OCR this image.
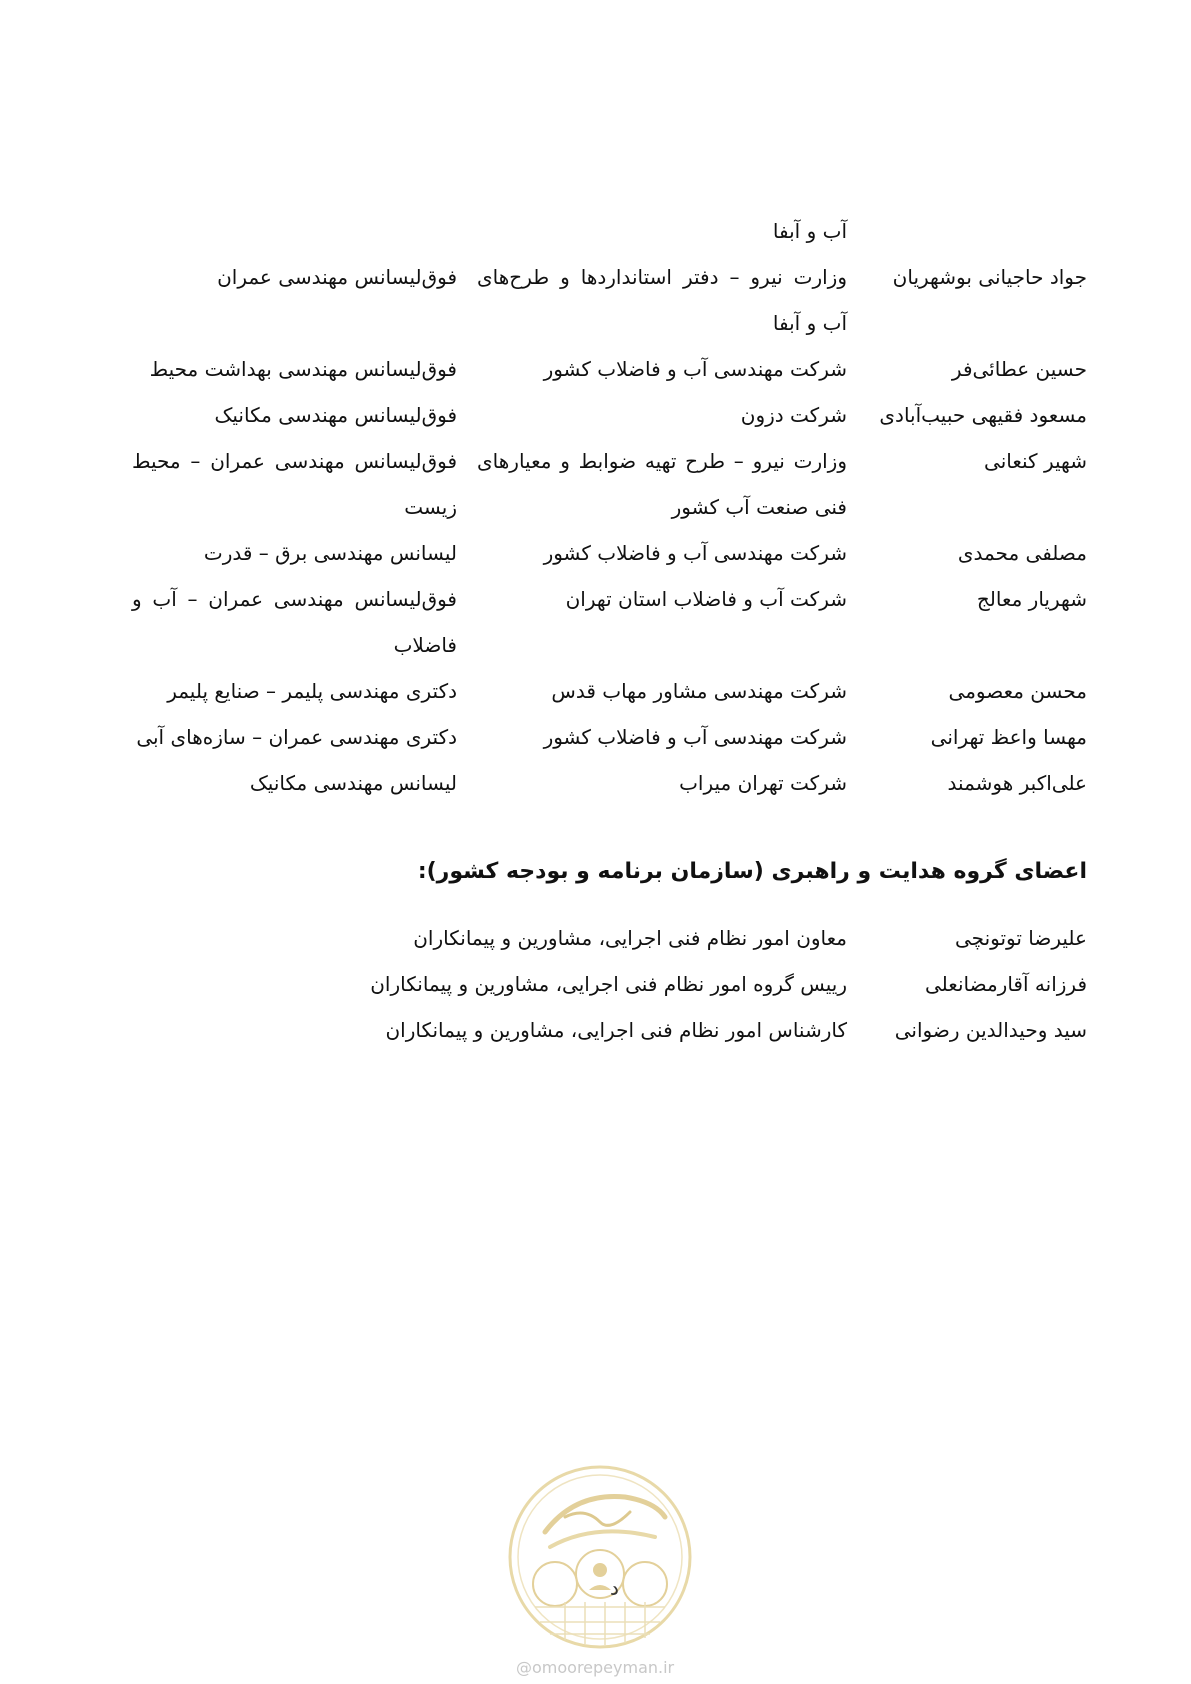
آب و آبفا
جواد حاجیانی بوشهریان
وزارت نیرو – دفتر استانداردها و طرح‌های آب و آبفا
فوق‌لیسانس مهندسی عمران
حسین عطائی‌فر
شرکت مهندسی آب و فاضلاب کشور
فوق‌لیسانس مهندسی بهداشت محیط
مسعود فقیهی حبیب‌آبادی
شرکت دزون
فوق‌لیسانس مهندسی مکانیک
شهیر کنعانی
وزارت نیرو – طرح تهیه ضوابط و معیارهای فنی صنعت آب کشور
فوق‌لیسانس مهندسی عمران – محیط زیست
مصلفی محمدی
شرکت مهندسی آب و فاضلاب کشور
لیسانس مهندسی برق – قدرت
شهریار معالج
شرکت آب و فاضلاب استان تهران
فوق‌لیسانس مهندسی عمران – آب و فاضلاب
محسن معصومی
شرکت مهندسی مشاور مهاب قدس
دکتری مهندسی پلیمر – صنایع پلیمر
مهسا واعظ تهرانی
شرکت مهندسی آب و فاضلاب کشور
دکتری مهندسی عمران – سازه‌های آبی
علی‌اکبر هوشمند
شرکت تهران میراب
لیسانس مهندسی مکانیک
اعضای گروه هدایت و راهبری (سازمان برنامه و بودجه کشور):
علیرضا توتونچی
معاون امور نظام فنی اجرایی، مشاورین و پیمانکاران
فرزانه آقارمضانعلی
رییس گروه امور نظام فنی اجرایی، مشاورین و پیمانکاران
سید وحیدالدین رضوانی
کارشناس امور نظام فنی اجرایی، مشاورین و پیمانکاران
د
@omoorepeyman.ir
